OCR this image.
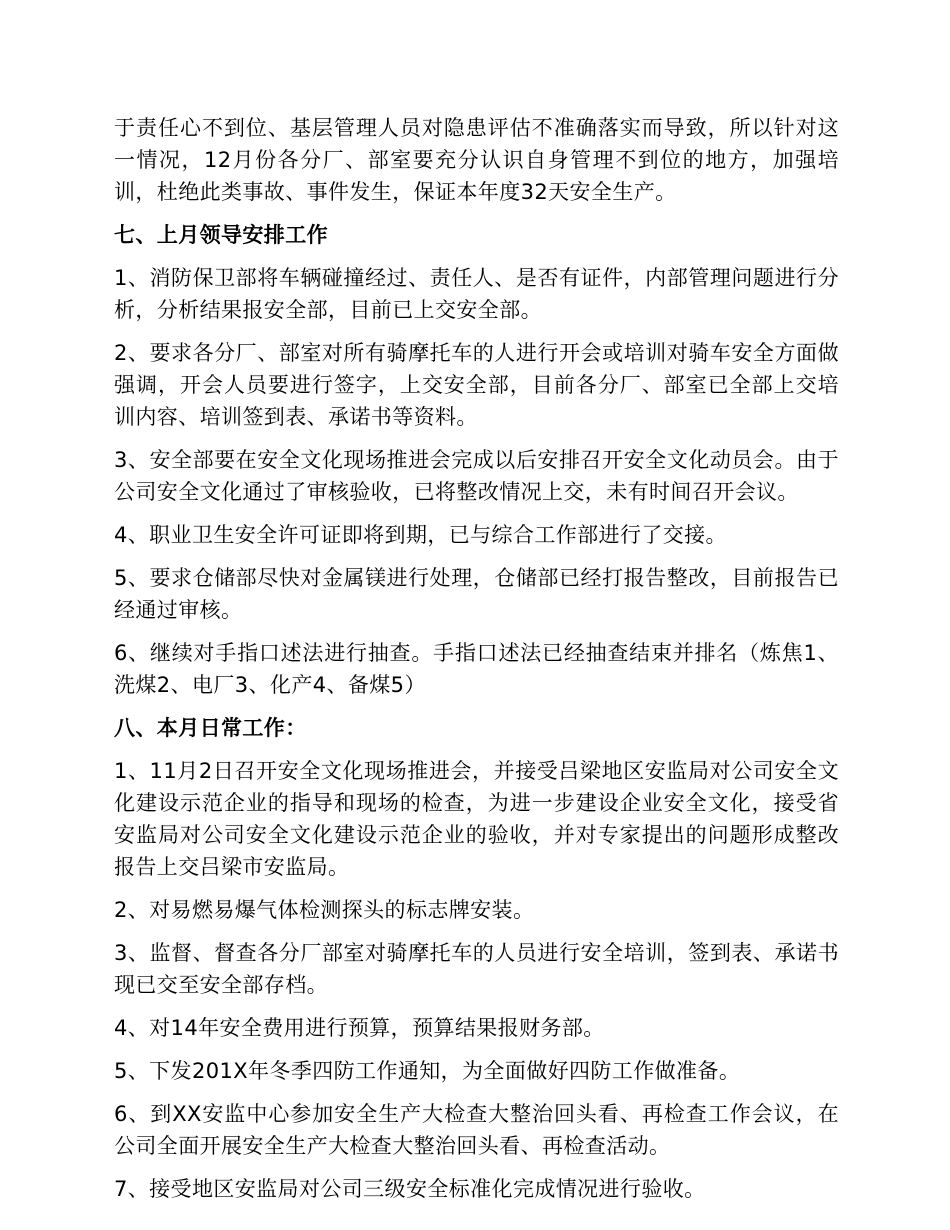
于责任心不到位、基层管理人员对隐患评估不准确落实而导致，所以针对这一情况，12月份各分厂、部室要充分认识自身管理不到位的地方，加强培训，杜绝此类事故、事件发生，保证本年度32天安全生产。

七、上月领导安排工作

1、消防保卫部将车辆碰撞经过、责任人、是否有证件，内部管理问题进行分析，分析结果报安全部，目前已上交安全部。

2、要求各分厂、部室对所有骑摩托车的人进行开会或培训对骑车安全方面做强调，开会人员要进行签字，上交安全部，目前各分厂、部室已全部上交培训内容、培训签到表、承诺书等资料。

3、安全部要在安全文化现场推进会完成以后安排召开安全文化动员会。由于公司安全文化通过了审核验收，已将整改情况上交，未有时间召开会议。

4、职业卫生安全许可证即将到期，已与综合工作部进行了交接。

5、要求仓储部尽快对金属镁进行处理，仓储部已经打报告整改，目前报告已经通过审核。

6、继续对手指口述法进行抽查。手指口述法已经抽查结束并排名（炼焦1、洗煤2、电厂3、化产4、备煤5）

八、本月日常工作：

1、11月2日召开安全文化现场推进会，并接受吕梁地区安监局对公司安全文化建设示范企业的指导和现场的检查，为进一步建设企业安全文化，接受省安监局对公司安全文化建设示范企业的验收，并对专家提出的问题形成整改报告上交吕梁市安监局。

2、对易燃易爆气体检测探头的标志牌安装。

3、监督、督查各分厂部室对骑摩托车的人员进行安全培训，签到表、承诺书现已交至安全部存档。

4、对14年安全费用进行预算，预算结果报财务部。

5、下发201X年冬季四防工作通知，为全面做好四防工作做准备。

6、到XX安监中心参加安全生产大检查大整治回头看、再检查工作会议，在公司全面开展安全生产大检查大整治回头看、再检查活动。

7、接受地区安监局对公司三级安全标准化完成情况进行验收。
